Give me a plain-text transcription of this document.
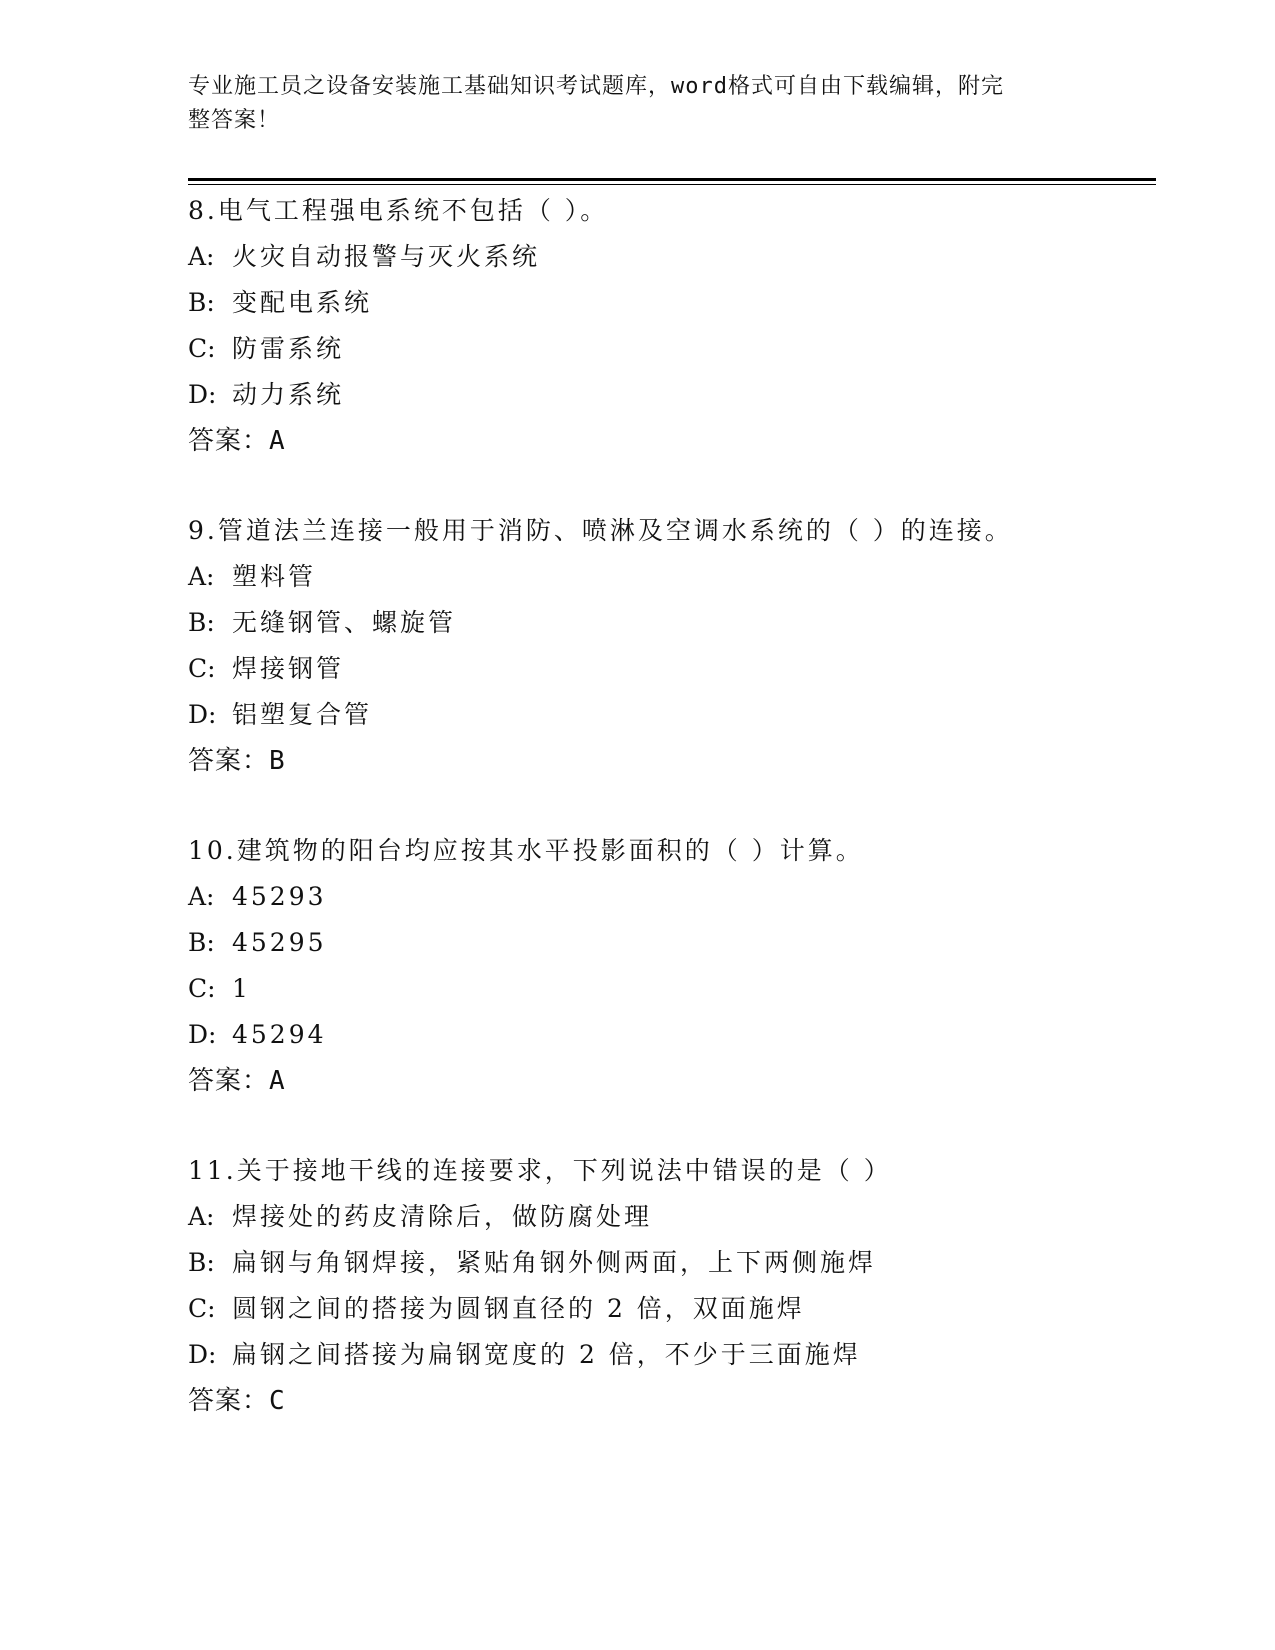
专业施工员之设备安装施工基础知识考试题库，word格式可自由下载编辑，附完
整答案！
8.电气工程强电系统不包括（ ）。
A: 火灾自动报警与灭火系统
B: 变配电系统
C: 防雷系统
D: 动力系统
答案：A
9.管道法兰连接一般用于消防、喷淋及空调水系统的（ ）的连接。
A: 塑料管
B: 无缝钢管、螺旋管
C: 焊接钢管
D: 铝塑复合管
答案：B
10.建筑物的阳台均应按其水平投影面积的（ ）计算。
A: 45293
B: 45295
C: 1
D: 45294
答案：A
11.关于接地干线的连接要求，下列说法中错误的是（ ）
A: 焊接处的药皮清除后，做防腐处理
B: 扁钢与角钢焊接，紧贴角钢外侧两面，上下两侧施焊
C: 圆钢之间的搭接为圆钢直径的 2 倍，双面施焊
D: 扁钢之间搭接为扁钢宽度的 2 倍，不少于三面施焊
答案：C
